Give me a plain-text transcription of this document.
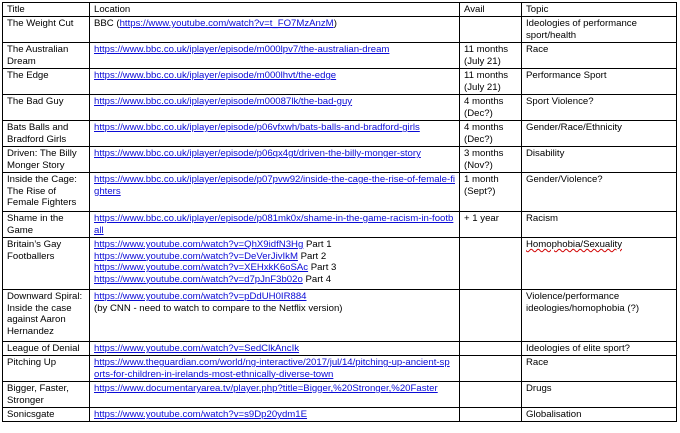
Title	Location	Avail	Topic
The Weight Cut	BBC (https://www.youtube.com/watch?v=t_FO7MzAnzM)		Ideologies of performance sport/health
The Australian Dream	https://www.bbc.co.uk/iplayer/episode/m000lpv7/the-australian-dream	11 months (July 21)	Race
The Edge	https://www.bbc.co.uk/iplayer/episode/m000lhvt/the-edge	11 months (July 21)	Performance Sport
The Bad Guy	https://www.bbc.co.uk/iplayer/episode/m00087lk/the-bad-guy	4 months (Dec?)	Sport Violence?
Bats Balls and Bradford Girls	https://www.bbc.co.uk/iplayer/episode/p06vfxwh/bats-balls-and-bradford-girls	4 months (Dec?)	Gender/Race/Ethnicity
Driven: The Billy Monger Story	https://www.bbc.co.uk/iplayer/episode/p06qx4gt/driven-the-billy-monger-story	3 months (Nov?)	Disability
Inside the Cage: The Rise of Female Fighters	https://www.bbc.co.uk/iplayer/episode/p07pvw92/inside-the-cage-the-rise-of-female-fighters	1 month (Sept?)	Gender/Violence?
Shame in the Game	https://www.bbc.co.uk/iplayer/episode/p081mk0x/shame-in-the-game-racism-in-football	+ 1 year	Racism
Britain’s Gay Footballers	https://www.youtube.com/watch?v=QhX9idfN3Hg Part 1
https://www.youtube.com/watch?v=DeVerJivIkM Part 2
https://www.youtube.com/watch?v=XEHxkK6oSAc Part 3
https://www.youtube.com/watch?v=d7pJnF3b02o Part 4		Homophobia/Sexuality
Downward Spiral: Inside the case against Aaron Hernandez	https://www.youtube.com/watch?v=pDdUH0IR884
(by CNN - need to watch to compare to the Netflix version)		Violence/performance ideologies/homophobia (?)
League of Denial	https://www.youtube.com/watch?v=SedClkAncIk		Ideologies of elite sport?
Pitching Up	https://www.theguardian.com/world/ng-interactive/2017/jul/14/pitching-up-ancient-sports-for-children-in-irelands-most-ethnically-diverse-town		Race
Bigger, Faster, Stronger	https://www.documentaryarea.tv/player.php?title=Bigger,%20Stronger,%20Faster		Drugs
Sonicsgate	https://www.youtube.com/watch?v=s9Dp20ydm1E		Globalisation
